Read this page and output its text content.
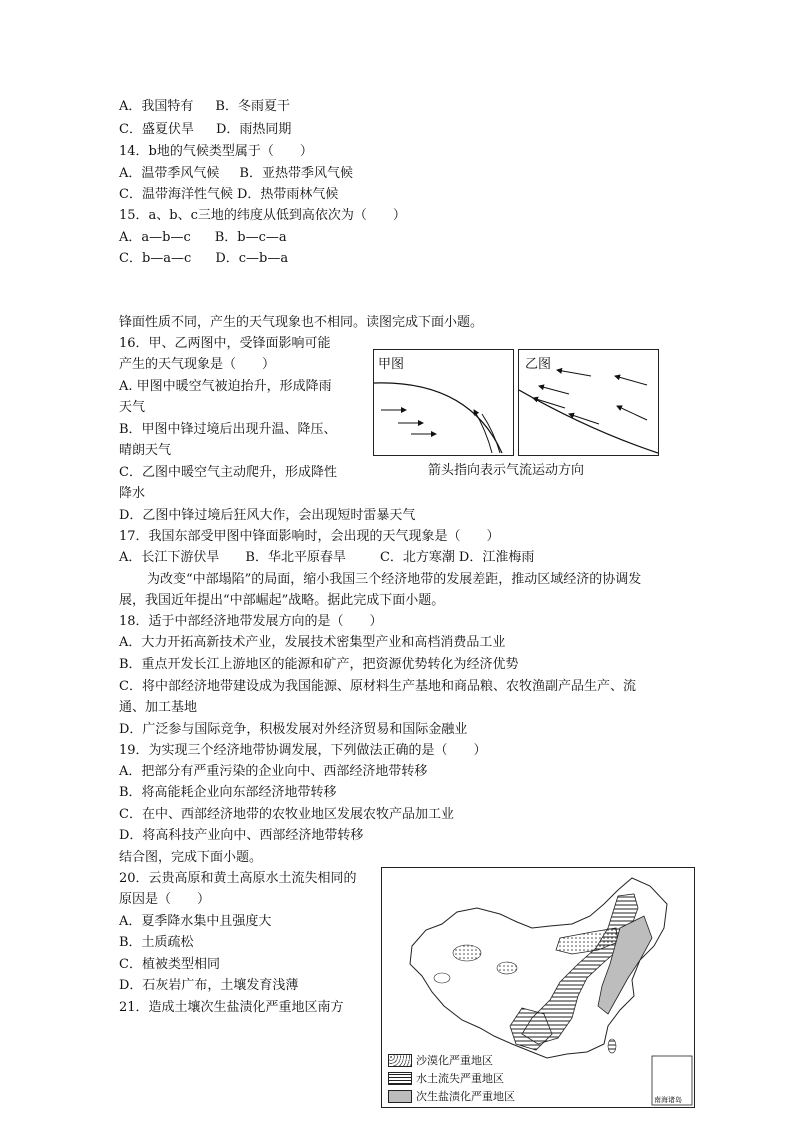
A．我国特有 B．冬雨夏干
C．盛夏伏旱 D．雨热同期
14．b地的气候类型属于（　　）
A．温带季风气候 B．亚热带季风气候
C．温带海洋性气候 D．热带雨林气候
15．a、b、c三地的纬度从低到高依次为（　　）
A．a—b—c B．b—c—a
C．b—a—c D．c—b—a
锋面性质不同，产生的天气现象也不相同。读图完成下面小题。
16．甲、乙两图中，受锋面影响可能
产生的天气现象是（　　）
A. 甲图中暖空气被迫抬升，形成降雨
天气
B．甲图中锋过境后出现升温、降压、
晴朗天气
C．乙图中暖空气主动爬升，形成降性
降水
D．乙图中锋过境后狂风大作，会出现短时雷暴天气
甲图	乙图
箭头指向表示气流运动方向
17．我国东部受甲图中锋面影响时，会出现的天气现象是（　　）
A．长江下游伏旱 B．华北平原春旱	C．北方寒潮 D．江淮梅雨
为改变“中部塌陷”的局面，缩小我国三个经济地带的发展差距，推动区域经济的协调发
展，我国近年提出“中部崛起”战略。据此完成下面小题。
18．适于中部经济地带发展方向的是（　　）
A．大力开拓高新技术产业，发展技术密集型产业和高档消费品工业
B．重点开发长江上游地区的能源和矿产，把资源优势转化为经济优势
C．将中部经济地带建设成为我国能源、原材料生产基地和商品粮、农牧渔副产品生产、流
通、加工基地
D．广泛参与国际竞争，积极发展对外经济贸易和国际金融业
19．为实现三个经济地带协调发展，下列做法正确的是（　　）
A．把部分有严重污染的企业向中、西部经济地带转移
B．将高能耗企业向东部经济地带转移
C．在中、西部经济地带的农牧业地区发展农牧产品加工业
D．将高科技产业向中、西部经济地带转移
结合图，完成下面小题。
20．云贵高原和黄土高原水土流失相同的
原因是（　　）
A．夏季降水集中且强度大
B．土质疏松
C．植被类型相同
D．石灰岩广布，土壤发育浅薄
21．造成土壤次生盐渍化严重地区南方
南海诸岛
沙漠化严重地区
水土流失严重地区
次生盐渍化严重地区
